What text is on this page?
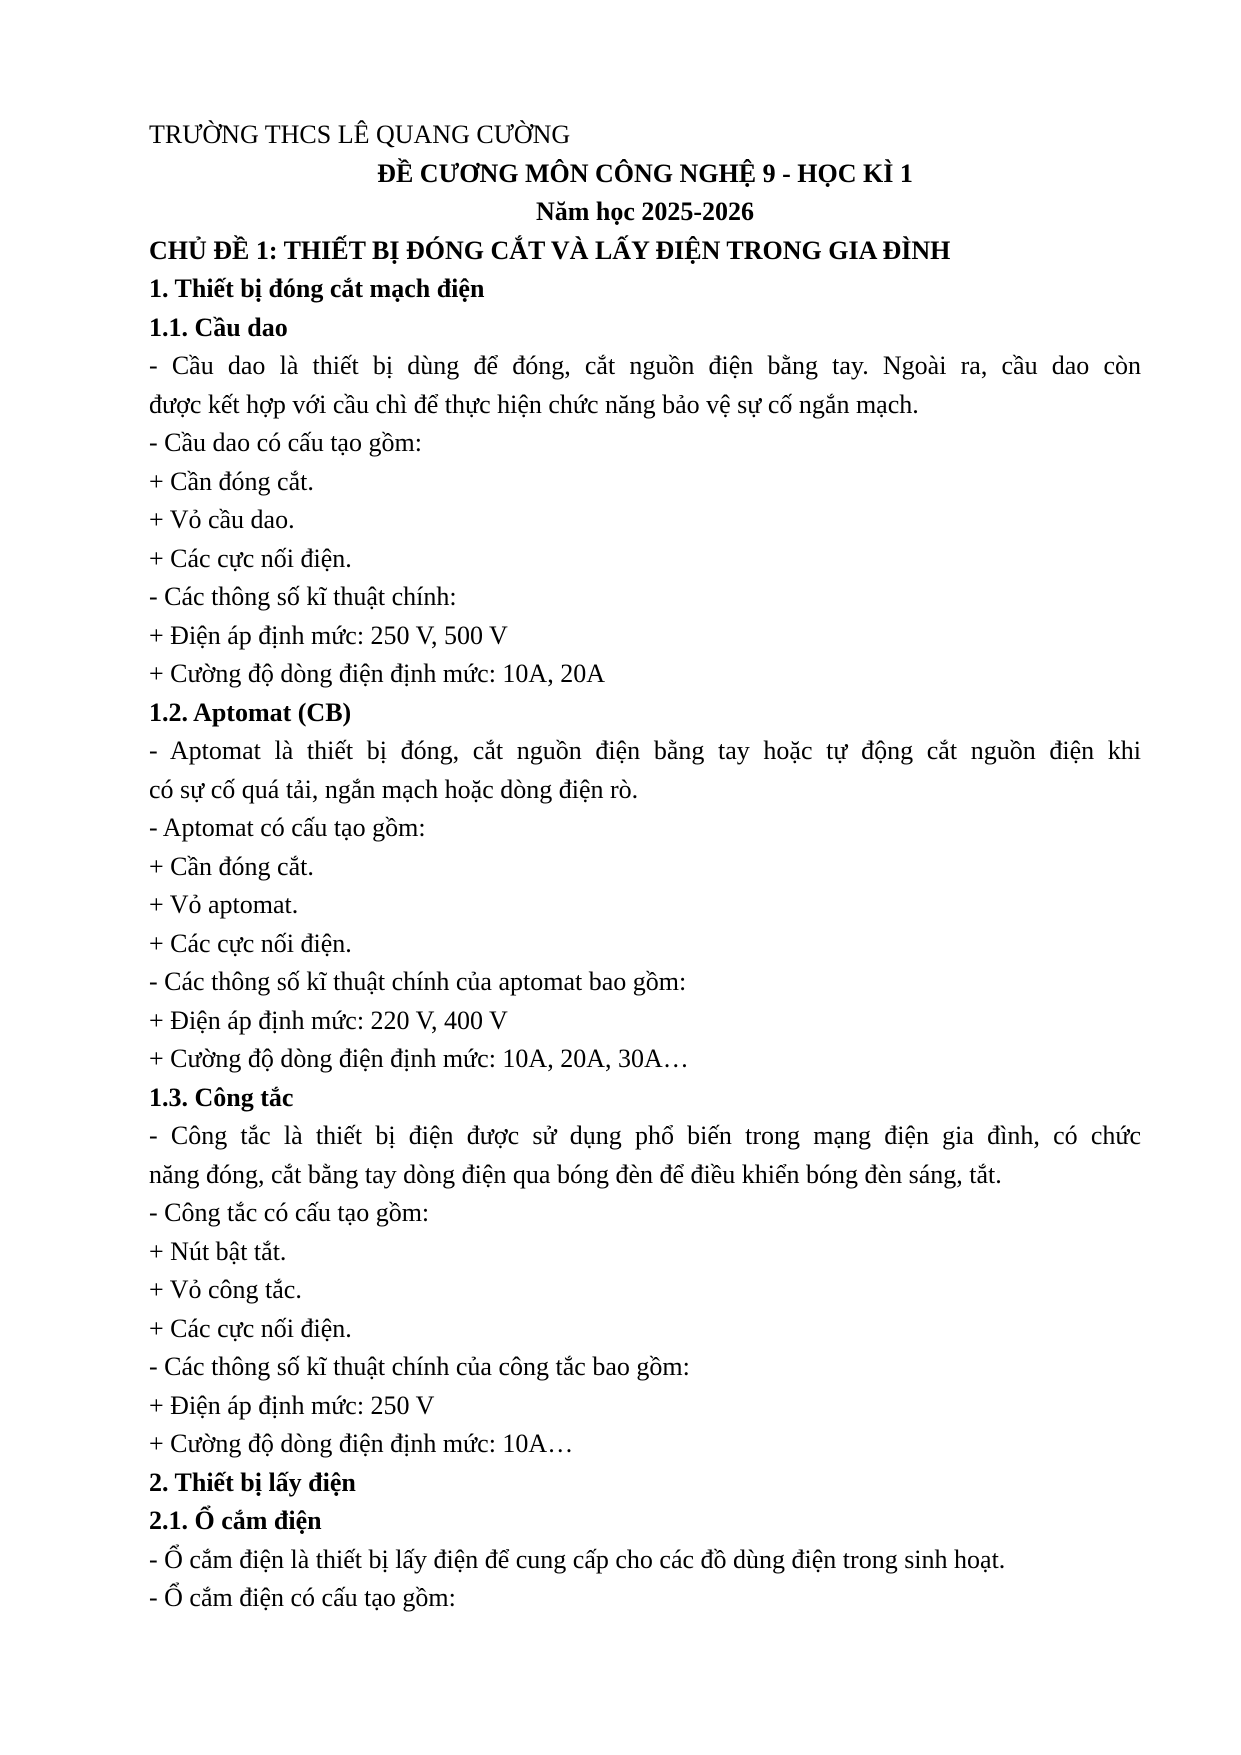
TRƯỜNG THCS LÊ QUANG CƯỜNG
ĐỀ CƯƠNG MÔN CÔNG NGHỆ 9 - HỌC KÌ 1
Năm học 2025-2026
CHỦ ĐỀ 1: THIẾT BỊ ĐÓNG CẮT VÀ LẤY ĐIỆN TRONG GIA ĐÌNH
1. Thiết bị đóng cắt mạch điện
1.1. Cầu dao
- Cầu dao là thiết bị dùng để đóng, cắt nguồn điện bằng tay. Ngoài ra, cầu dao còn
được kết hợp với cầu chì để thực hiện chức năng bảo vệ sự cố ngắn mạch.
- Cầu dao có cấu tạo gồm:
+ Cần đóng cắt.
+ Vỏ cầu dao.
+ Các cực nối điện.
- Các thông số kĩ thuật chính:
+ Điện áp định mức: 250 V, 500 V
+ Cường độ dòng điện định mức: 10A, 20A
1.2. Aptomat (CB)
- Aptomat là thiết bị đóng, cắt nguồn điện bằng tay hoặc tự động cắt nguồn điện khi
có sự cố quá tải, ngắn mạch hoặc dòng điện rò.
- Aptomat có cấu tạo gồm:
+ Cần đóng cắt.
+ Vỏ aptomat.
+ Các cực nối điện.
- Các thông số kĩ thuật chính của aptomat bao gồm:
+ Điện áp định mức: 220 V, 400 V
+ Cường độ dòng điện định mức: 10A, 20A, 30A…
1.3. Công tắc
- Công tắc là thiết bị điện được sử dụng phổ biến trong mạng điện gia đình, có chức
năng đóng, cắt bằng tay dòng điện qua bóng đèn để điều khiển bóng đèn sáng, tắt.
- Công tắc có cấu tạo gồm:
+ Nút bật tắt.
+ Vỏ công tắc.
+ Các cực nối điện.
- Các thông số kĩ thuật chính của công tắc bao gồm:
+ Điện áp định mức: 250 V
+ Cường độ dòng điện định mức: 10A…
2. Thiết bị lấy điện
2.1. Ổ cắm điện
- Ổ cắm điện là thiết bị lấy điện để cung cấp cho các đồ dùng điện trong sinh hoạt.
- Ổ cắm điện có cấu tạo gồm:
